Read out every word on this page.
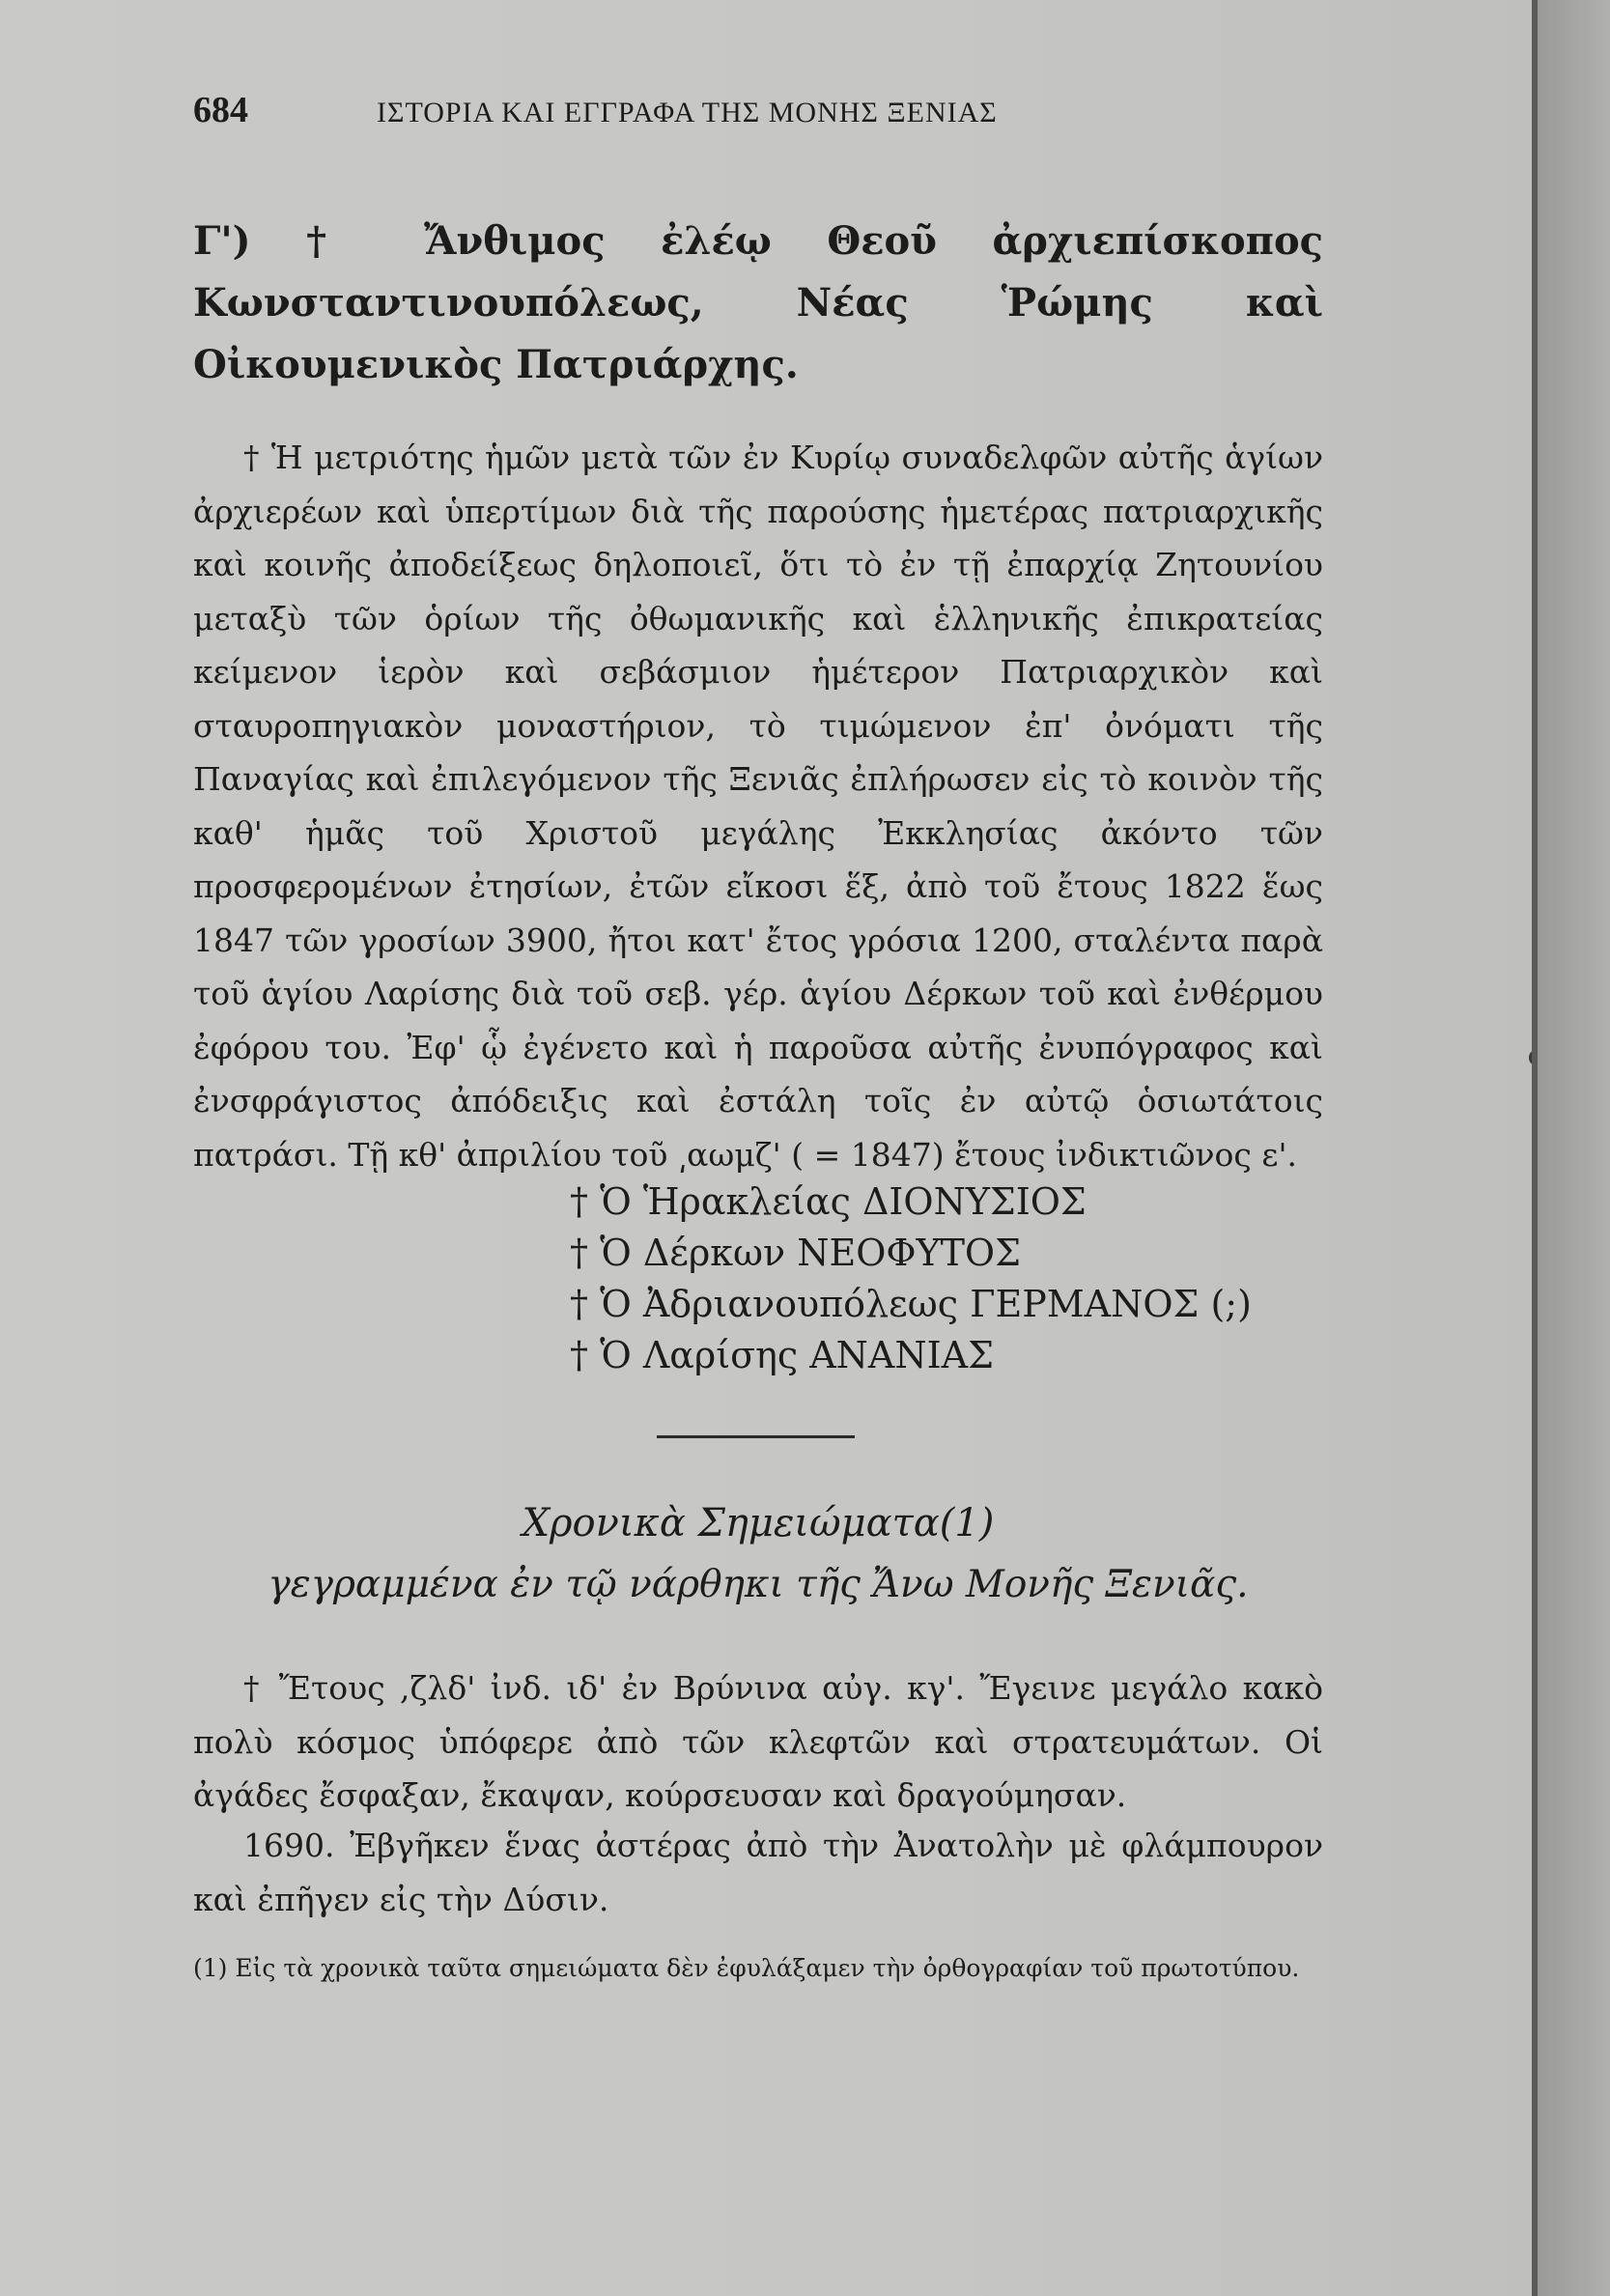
684	ΙΣΤΟΡΙΑ ΚΑΙ ΕΓΓΡΑΦΑ ΤΗΣ ΜΟΝΗΣ ΞΕΝΙΑΣ
Γ') † Ἄνθιμος ἐλέῳ Θεοῦ ἀρχιεπίσκοπος Κωνσταντινουπόλεως, Νέας Ῥώμης καὶ Οἰκουμενικὸς Πατριάρχης.
† Ἡ μετριότης ἡμῶν μετὰ τῶν ἐν Κυρίῳ συναδελφῶν αὐτῆς ἁγίων ἀρχιερέων καὶ ὑπερτίμων διὰ τῆς παρούσης ἡμετέρας πατριαρχικῆς καὶ κοινῆς ἀποδείξεως δηλοποιεῖ, ὅτι τὸ ἐν τῇ ἐπαρχίᾳ Ζητουνίου μεταξὺ τῶν ὁρίων τῆς ὀθωμανικῆς καὶ ἑλληνικῆς ἐπικρατείας κείμενον ἱερὸν καὶ σεβάσμιον ἡμέτερον Πατριαρχικὸν καὶ σταυροπηγιακὸν μοναστήριον, τὸ τιμώμενον ἐπ' ὀνόματι τῆς Παναγίας καὶ ἐπιλεγόμενον τῆς Ξενιᾶς ἐπλήρωσεν εἰς τὸ κοινὸν τῆς καθ' ἡμᾶς τοῦ Χριστοῦ μεγάλης Ἐκκλησίας ἀκόντο τῶν προσφερομένων ἐτησίων, ἐτῶν εἴκοσι ἕξ, ἀπὸ τοῦ ἔτους 1822 ἕως 1847 τῶν γροσίων 3900, ἤτοι κατ' ἔτος γρόσια 1200, σταλέντα παρὰ τοῦ ἁγίου Λαρίσης διὰ τοῦ σεβ. γέρ. ἁγίου Δέρκων τοῦ καὶ ἐνθέρμου ἐφόρου του. Ἐφ' ᾧ ἐγένετο καὶ ἡ παροῦσα αὐτῆς ἐνυπόγραφος καὶ ἐνσφράγιστος ἀπόδειξις καὶ ἐστάλη τοῖς ἐν αὐτῷ ὁσιωτάτοις πατράσι. Τῇ κθ' ἀπριλίου τοῦ ͵αωμζ' ( = 1847) ἔτους ἰνδικτιῶνος ε'.
† Ὁ Ἡρακλείας ΔΙΟΝΥΣΙΟΣ
† Ὁ Δέρκων ΝΕΟΦΥΤΟΣ
† Ὁ Ἀδριανουπόλεως ΓΕΡΜΑΝΟΣ (;)
† Ὁ Λαρίσης ΑΝΑΝΙΑΣ
Χρονικὰ Σημειώματα(1)
γεγραμμένα ἐν τῷ νάρθηκι τῆς Ἄνω Μονῆς Ξενιᾶς.
† Ἔτους ,ζλδ' ἰνδ. ιδ' ἐν Βρύνινα αὐγ. κγ'. Ἔγεινε μεγάλο κακὸ πολὺ κόσμος ὑπόφερε ἀπὸ τῶν κλεφτῶν καὶ στρατευμάτων. Οἱ ἀγάδες ἔσφαξαν, ἔκαψαν, κούρσευσαν καὶ δραγούμησαν.
1690. Ἐβγῆκεν ἕνας ἀστέρας ἀπὸ τὴν Ἀνατολὴν μὲ φλάμπουρον καὶ ἐπῆγεν εἰς τὴν Δύσιν.
(1) Εἰς τὰ χρονικὰ ταῦτα σημειώματα δὲν ἐφυλάξαμεν τὴν ὀρθογραφίαν τοῦ πρωτοτύπου.
